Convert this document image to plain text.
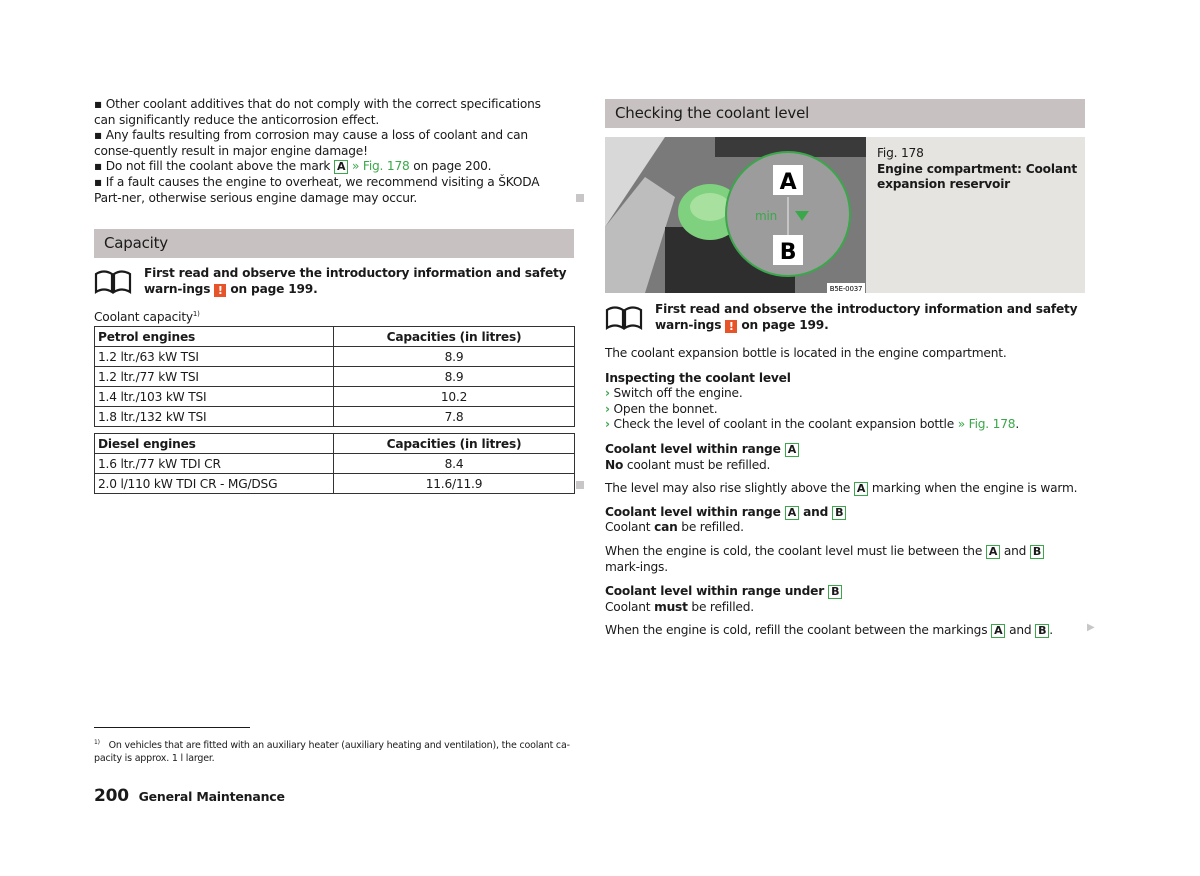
▪ Other coolant additives that do not comply with the correct specifications can significantly reduce the anticorrosion effect.

▪ Any faults resulting from corrosion may cause a loss of coolant and can conse-quently result in major engine damage!

▪ Do not fill the coolant above the mark A » Fig. 178 on page 200.

▪ If a fault causes the engine to overheat, we recommend visiting a ŠKODA Part-ner, otherwise serious engine damage may occur.

Capacity

First read and observe the introductory information and safety warn-ings ! on page 199.

Coolant capacity$^{1)}$
Petrol engines	Capacities (in litres)
1.2 ltr./63 kW TSI	8.9
1.2 ltr./77 kW TSI	8.9
1.4 ltr./103 kW TSI	10.2
1.8 ltr./132 kW TSI	7.8
Diesel engines	Capacities (in litres)
1.6 ltr./77 kW TDI CR	8.4
2.0 l/110 kW TDI CR - MG/DSG	11.6/11.9
$^{1)}$ On vehicles that are fitted with an auxiliary heater (auxiliary heating and ventilation), the coolant ca-pacity is approx. 1 l larger.
200 General Maintenance
Checking the coolant level
min
A
B
B5E-0037
Fig. 178
Engine compartment: Coolant expansion reservoir

First read and observe the introductory information and safety warn-ings ! on page 199.

The coolant expansion bottle is located in the engine compartment.

Inspecting the coolant level

› Switch off the engine.

› Open the bonnet.

› Check the level of coolant in the coolant expansion bottle » Fig. 178.

Coolant level within range A

No coolant must be refilled.

The level may also rise slightly above the A marking when the engine is warm.

Coolant level within range A and B

Coolant can be refilled.

When the engine is cold, the coolant level must lie between the A and B mark-ings.

Coolant level within range under B

Coolant must be refilled.

When the engine is cold, refill the coolant between the markings A and B .	▶
